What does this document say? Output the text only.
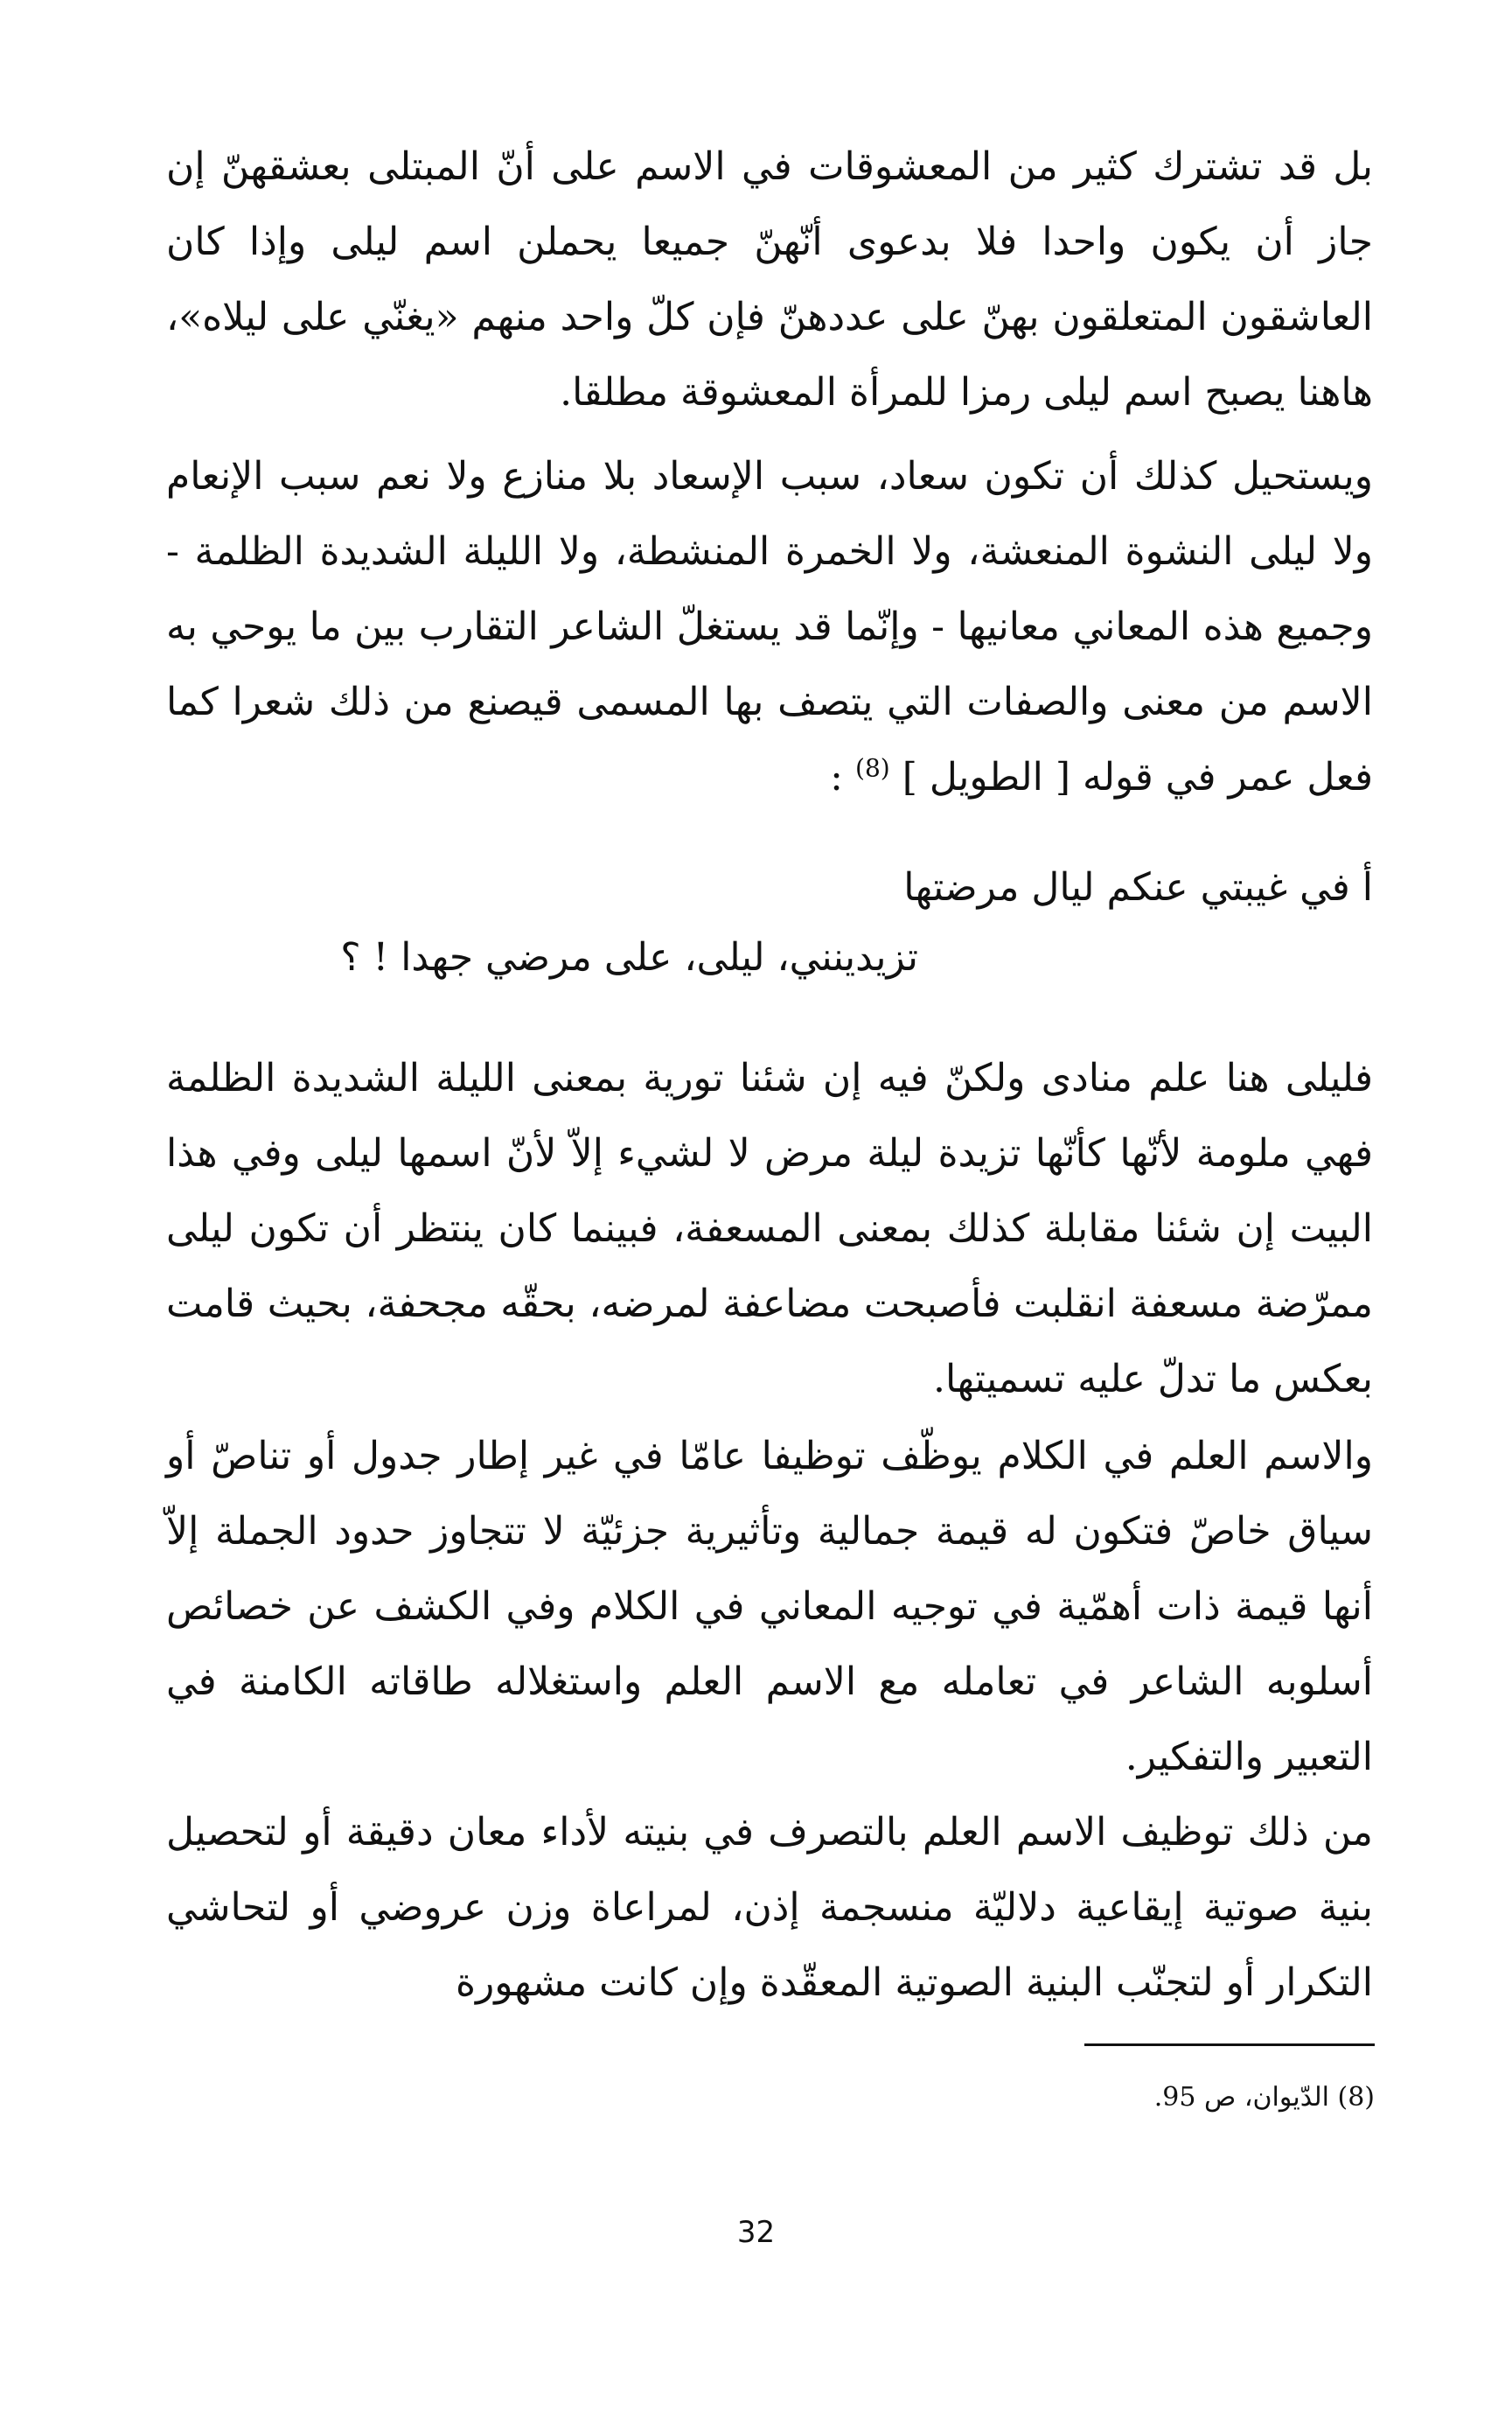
بل قد تشترك كثير من المعشوقات في الاسم على أنّ المبتلى بعشقهنّ إن جاز أن يكون واحدا فلا بدعوى أنّهنّ جميعا يحملن اسم ليلى وإذا كان العاشقون المتعلقون بهنّ على عددهنّ فإن كلّ واحد منهم «يغنّي على ليلاه»، هاهنا يصبح اسم ليلى رمزا للمرأة المعشوقة مطلقا.

ويستحيل كذلك أن تكون سعاد، سبب الإسعاد بلا منازع ولا نعم سبب الإنعام ولا ليلى النشوة المنعشة، ولا الخمرة المنشطة، ولا الليلة الشديدة الظلمة - وجميع هذه المعاني معانيها - وإنّما قد يستغلّ الشاعر التقارب بين ما يوحي به الاسم من معنى والصفات التي يتصف بها المسمى قيصنع من ذلك شعرا كما فعل عمر في قوله [ الطويل ] $^{(8)}$ :

أ في غيبتي عنكم ليال مرضتها

تزيدينني، ليلى، على مرضي جهدا ! ؟

فليلى هنا علم منادى ولكنّ فيه إن شئنا تورية بمعنى الليلة الشديدة الظلمة فهي ملومة لأنّها كأنّها تزيدة ليلة مرض لا لشيء إلاّ لأنّ اسمها ليلى وفي هذا البيت إن شئنا مقابلة كذلك بمعنى المسعفة، فبينما كان ينتظر أن تكون ليلى ممرّضة مسعفة انقلبت فأصبحت مضاعفة لمرضه، بحقّه مجحفة، بحيث قامت بعكس ما تدلّ عليه تسميتها.

والاسم العلم في الكلام يوظّف توظيفا عامّا في غير إطار جدول أو تناصّ أو سياق خاصّ فتكون له قيمة جمالية وتأثيرية جزئيّة لا تتجاوز حدود الجملة إلاّ أنها قيمة ذات أهمّية في توجيه المعاني في الكلام وفي الكشف عن خصائص أسلوبه الشاعر في تعامله مع الاسم العلم واستغلاله طاقاته الكامنة في التعبير والتفكير.

من ذلك توظيف الاسم العلم بالتصرف في بنيته لأداء معان دقيقة أو لتحصيل بنية صوتية إيقاعية دلاليّة منسجمة إذن، لمراعاة وزن عروضي أو لتحاشي التكرار أو لتجنّب البنية الصوتية المعقّدة وإن كانت مشهورة

(8) الدّيوان، ص 95.

32
